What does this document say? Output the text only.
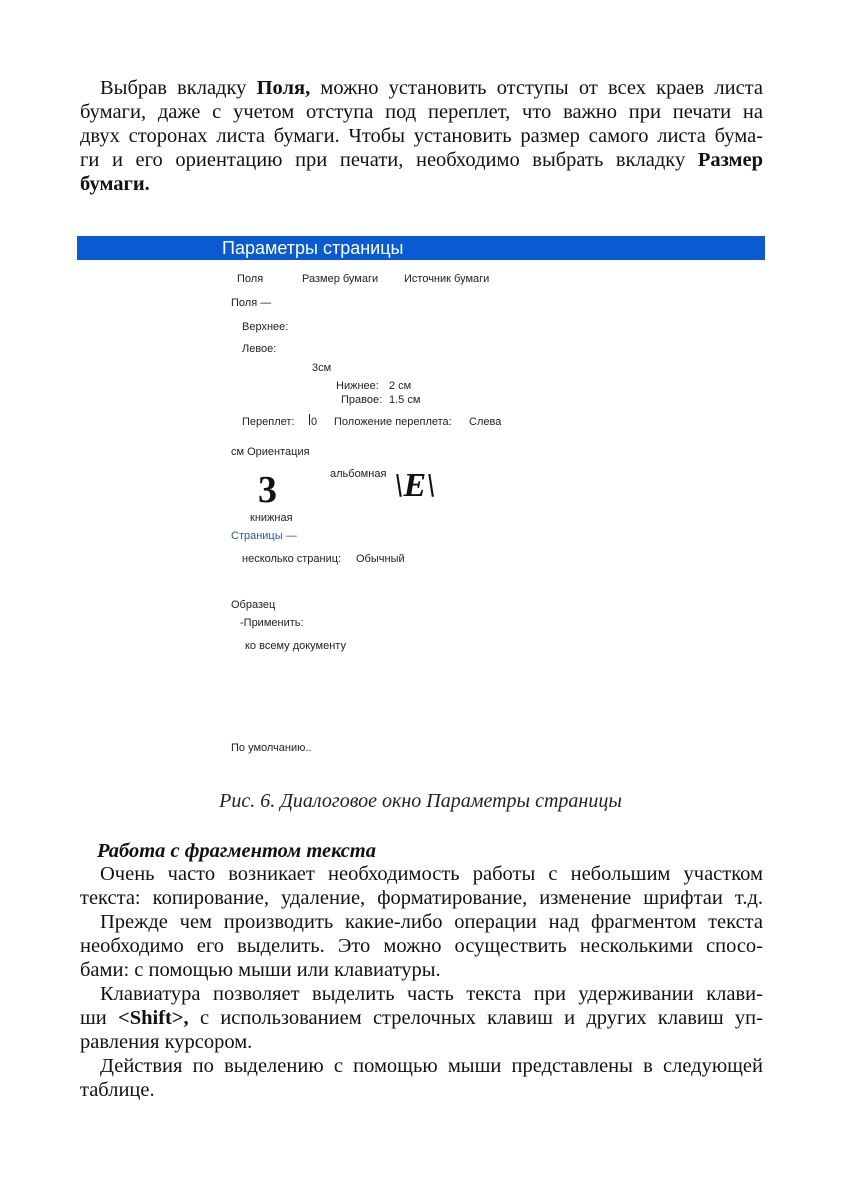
Выбрав вкладку Поля, можно установить отступы от всех краев листа
бумаги, даже с учетом отступа под переплет, что важно при печати на
двух сторонах листа бумаги. Чтобы установить размер самого листа бума-
ги и его ориентацию при печати, необходимо выбрать вкладку Размер
бумаги.
Параметры страницы
Поля	Размер бумаги Источник бумаги
Поля —
Верхнее:
Левое:
3см
Нижнее: 2 см
Правое: 1.5 см
Переплет: 0 Положение переплета: Слева
см Ориентация
альбомная
3	\E\
книжная
Страницы —
несколько страниц: Обычный
Образец
-Применить:
ко всему документу
По умолчанию..
Рис. 6. Диалоговое окно Параметры страницы
Работа с фрагментом текста
Очень часто возникает необходимость работы с небольшим участком
текста: копирование, удаление, форматирование, изменение шрифтаи т.д.
Прежде чем производить какие-либо операции над фрагментом текста
необходимо его выделить. Это можно осуществить несколькими спосо-
бами: с помощью мыши или клавиатуры.
Клавиатура позволяет выделить часть текста при удерживании клави-
ши <Shift>, с использованием стрелочных клавиш и других клавиш уп-
равления курсором.
Действия по выделению с помощью мыши представлены в следующей
таблице.
